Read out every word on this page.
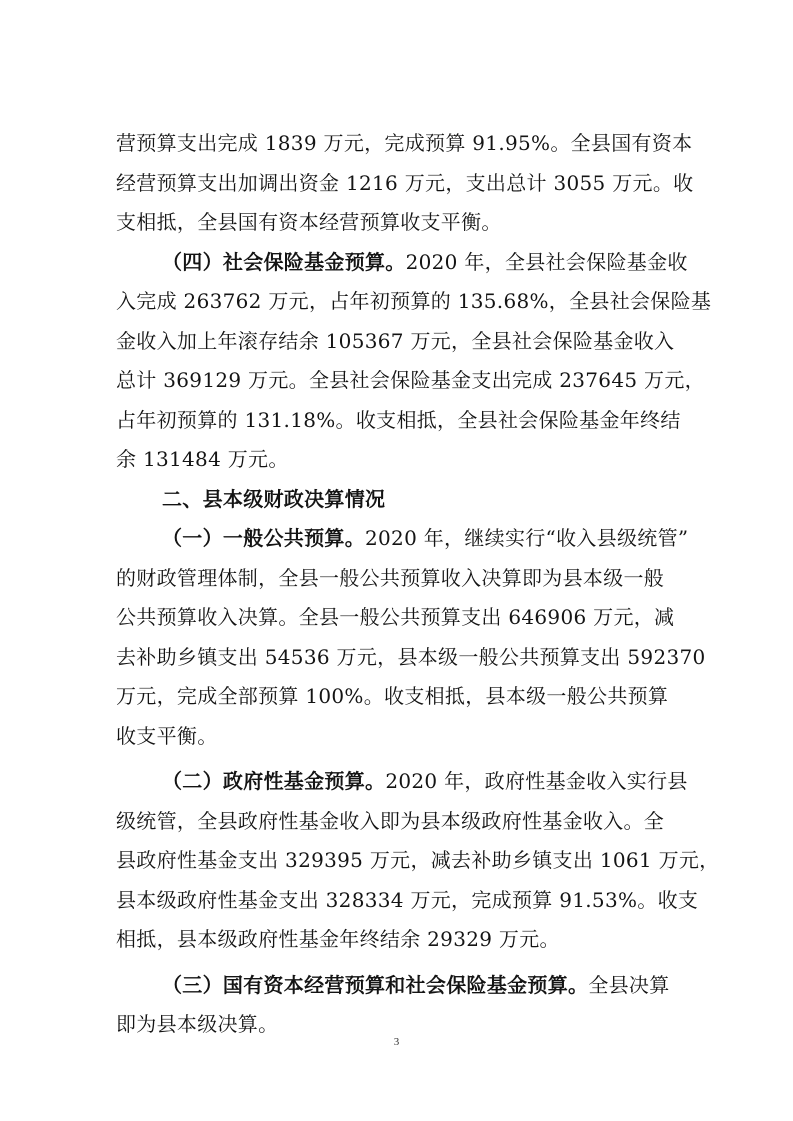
营预算支出完成 1839 万元，完成预算 91.95%。全县国有资本
经营预算支出加调出资金 1216 万元，支出总计 3055 万元。收
支相抵，全县国有资本经营预算收支平衡。
（四）社会保险基金预算。2020 年，全县社会保险基金收
入完成 263762 万元，占年初预算的 135.68%，全县社会保险基
金收入加上年滚存结余 105367 万元，全县社会保险基金收入
总计 369129 万元。全县社会保险基金支出完成 237645 万元，
占年初预算的 131.18%。收支相抵，全县社会保险基金年终结
余 131484 万元。
二、县本级财政决算情况
（一）一般公共预算。2020 年，继续实行“收入县级统管”
的财政管理体制，全县一般公共预算收入决算即为县本级一般
公共预算收入决算。全县一般公共预算支出 646906 万元，减
去补助乡镇支出 54536 万元，县本级一般公共预算支出 592370
万元，完成全部预算 100%。收支相抵，县本级一般公共预算
收支平衡。
（二）政府性基金预算。2020 年，政府性基金收入实行县
级统管，全县政府性基金收入即为县本级政府性基金收入。全
县政府性基金支出 329395 万元，减去补助乡镇支出 1061 万元，
县本级政府性基金支出 328334 万元，完成预算 91.53%。收支
相抵，县本级政府性基金年终结余 29329 万元。
（三）国有资本经营预算和社会保险基金预算。全县决算
即为县本级决算。
3
